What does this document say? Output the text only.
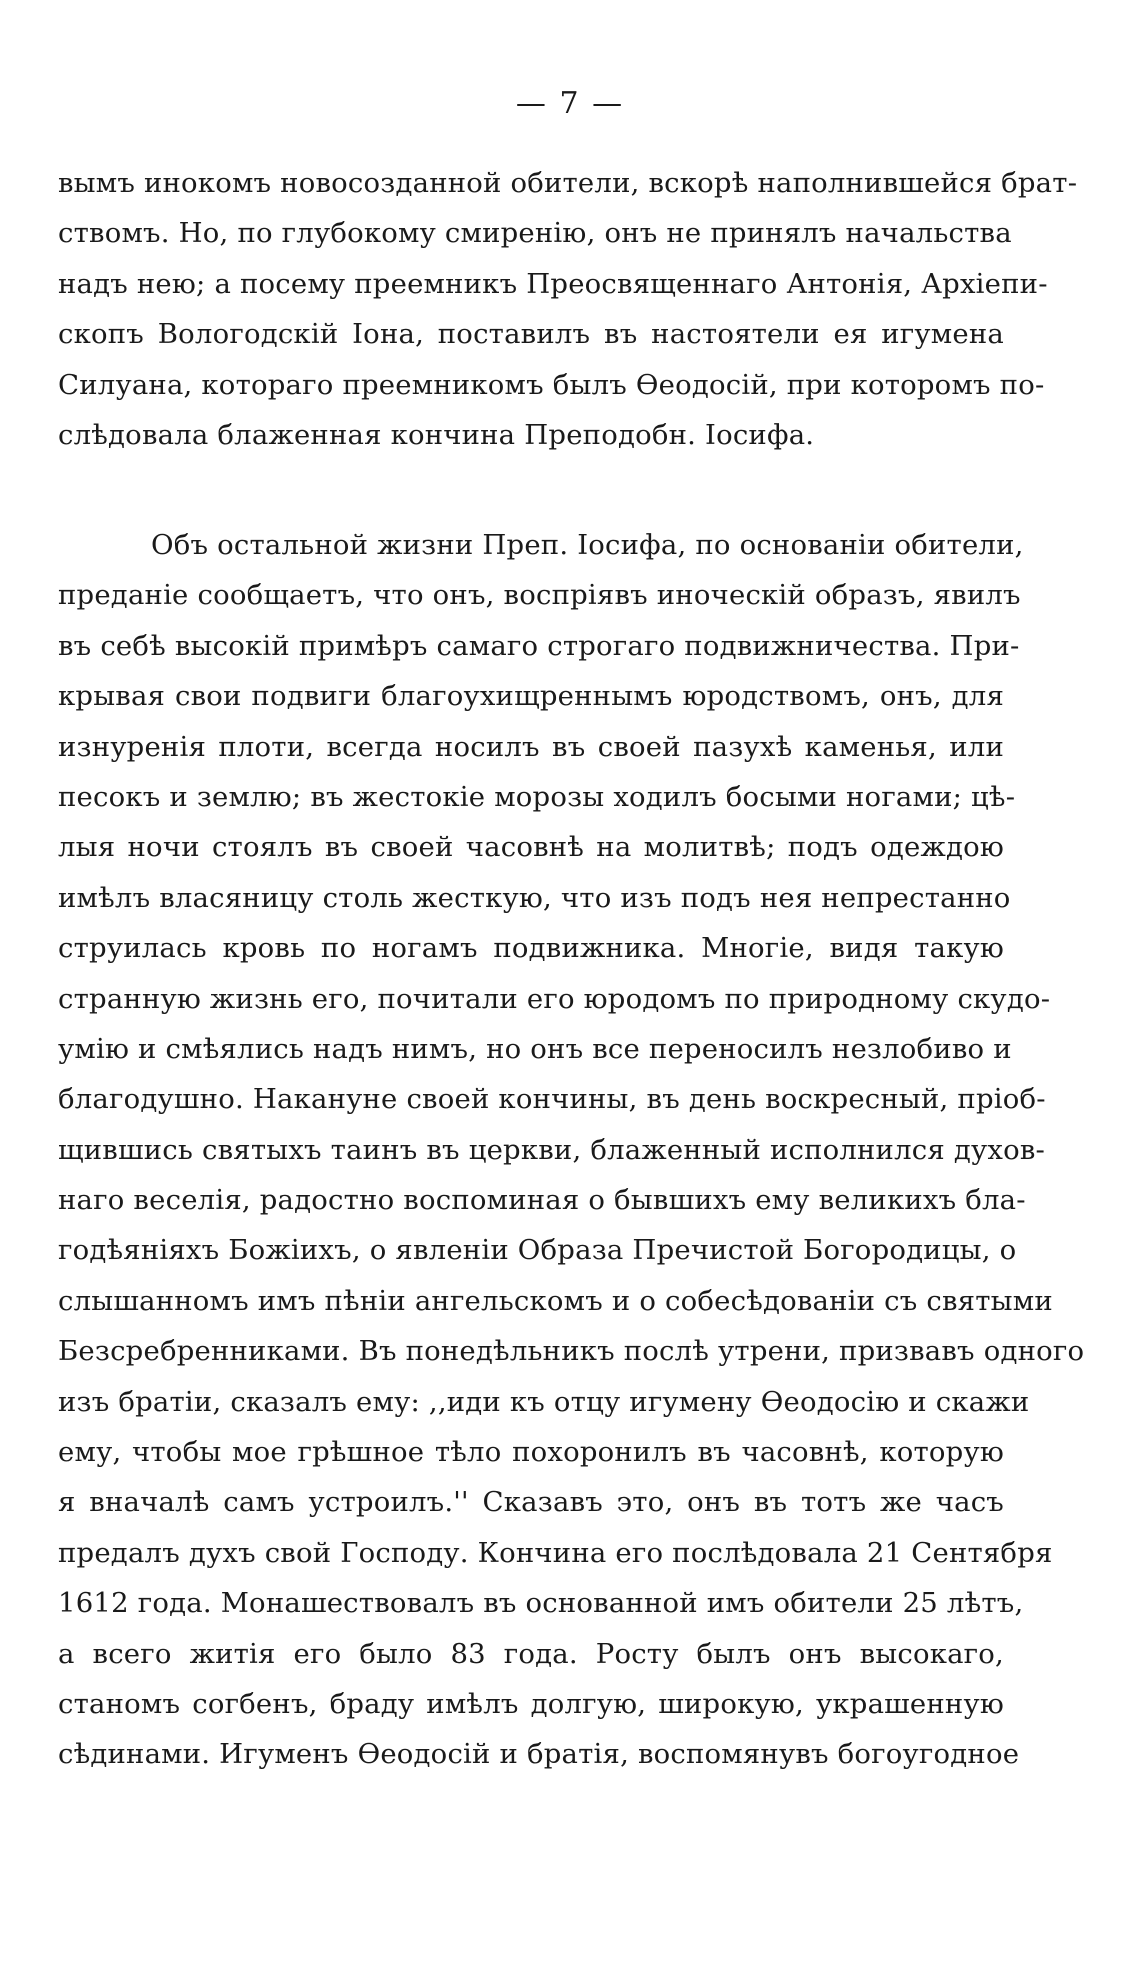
— 7 —
вымъ инокомъ новосозданной обители, вскорѣ наполнившейся брат-
ствомъ. Но, по глубокому смиренію, онъ не принялъ начальства
надъ нею; а посему преемникъ Преосвященнаго Антонія, Архіепи-
скопъ Вологодскій Іона, поставилъ въ настоятели ея игумена
Силуана, котораго преемникомъ былъ Ѳеодосій, при которомъ по-
слѣдовала блаженная кончина Преподобн. Іосифа.
Объ остальной жизни Преп. Іосифа, по основаніи обители,
преданіе сообщаетъ, что онъ, воспріявъ иноческій образъ, явилъ
въ себѣ высокій примѣръ самаго строгаго подвижничества. При-
крывая свои подвиги благоухищреннымъ юродствомъ, онъ, для
изнуренія плоти, всегда носилъ въ своей пазухѣ каменья, или
песокъ и землю; въ жестокіе морозы ходилъ босыми ногами; цѣ-
лыя ночи стоялъ въ своей часовнѣ на молитвѣ; подъ одеждою
имѣлъ власяницу столь жесткую, что изъ подъ нея непрестанно
струилась кровь по ногамъ подвижника. Многіе, видя такую
странную жизнь его, почитали его юродомъ по природному скудо-
умію и смѣялись надъ нимъ, но онъ все переносилъ незлобиво и
благодушно. Накануне своей кончины, въ день воскресный, пріоб-
щившись святыхъ таинъ въ церкви, блаженный исполнился духов-
наго веселія, радостно воспоминая о бывшихъ ему великихъ бла-
годѣяніяхъ Божіихъ, о явленіи Образа Пречистой Богородицы, о
слышанномъ имъ пѣніи ангельскомъ и о собесѣдованіи съ святыми
Безсребренниками. Въ понедѣльникъ послѣ утрени, призвавъ одного
изъ братіи, сказалъ ему: ,,иди къ отцу игумену Ѳеодосію и скажи
ему, чтобы мое грѣшное тѣло похоронилъ въ часовнѣ, которую
я вначалѣ самъ устроилъ.'' Сказавъ это, онъ въ тотъ же часъ
предалъ духъ свой Господу. Кончина его послѣдовала 21 Сентября
1612 года. Монашествовалъ въ основанной имъ обители 25 лѣтъ,
а всего житія его было 83 года. Росту былъ онъ высокаго,
станомъ согбенъ, браду имѣлъ долгую, широкую, украшенную
сѣдинами. Игуменъ Ѳеодосій и братія, воспомянувъ богоугодное
